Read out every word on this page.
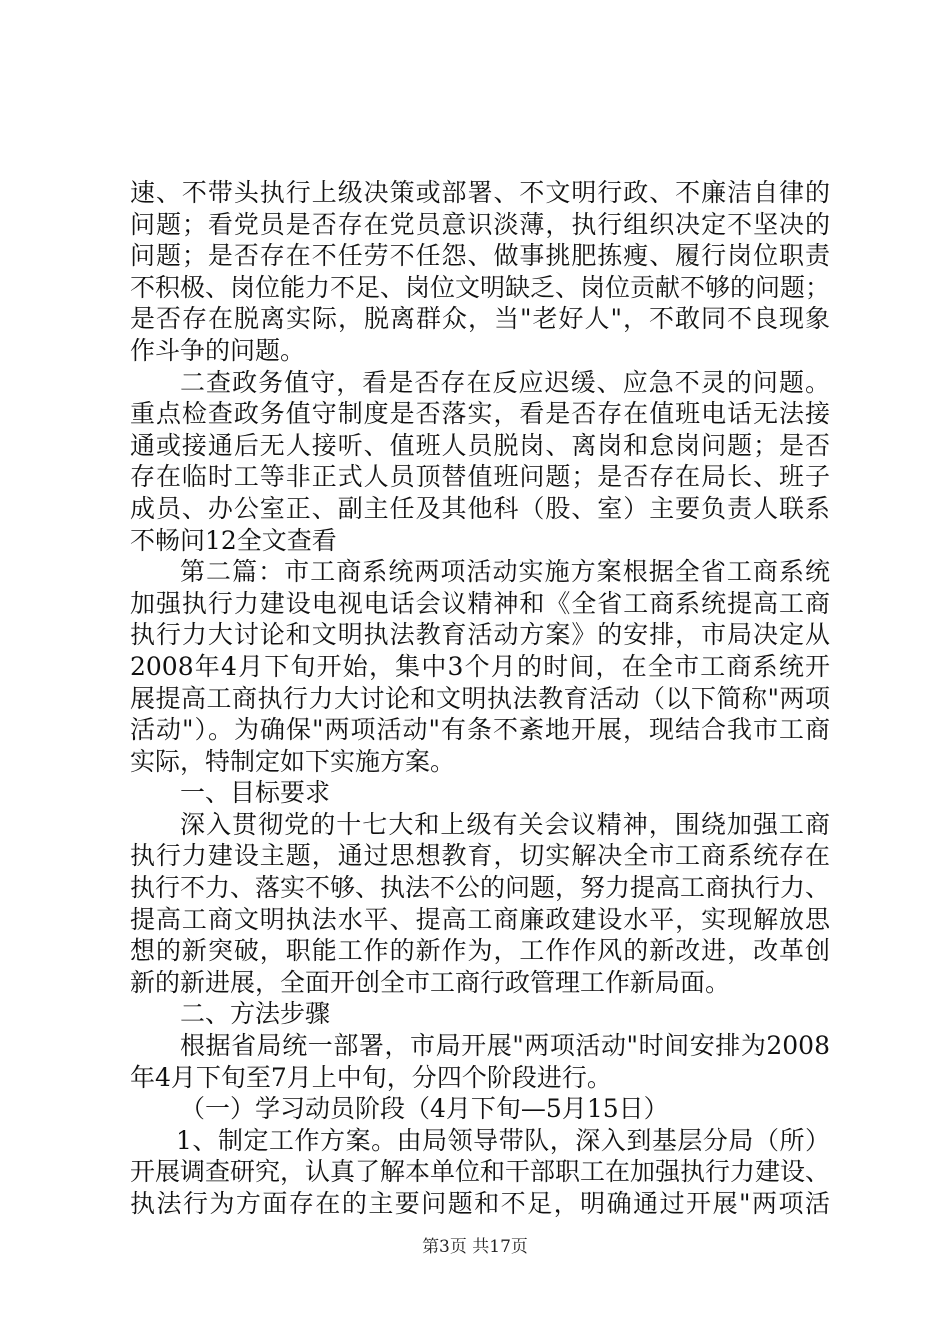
速、不带头执行上级决策或部署、不文明行政、不廉洁自律的
问题；看党员是否存在党员意识淡薄，执行组织决定不坚决的
问题；是否存在不任劳不任怨、做事挑肥拣瘦、履行岗位职责
不积极、岗位能力不足、岗位文明缺乏、岗位贡献不够的问题；
是否存在脱离实际，脱离群众，当"老好人"，不敢同不良现象
作斗争的问题。
二查政务值守，看是否存在反应迟缓、应急不灵的问题。
重点检查政务值守制度是否落实，看是否存在值班电话无法接
通或接通后无人接听、值班人员脱岗、离岗和怠岗问题；是否
存在临时工等非正式人员顶替值班问题；是否存在局长、班子
成员、办公室正、副主任及其他科（股、室）主要负责人联系
不畅问12全文查看
第二篇：市工商系统两项活动实施方案根据全省工商系统
加强执行力建设电视电话会议精神和《全省工商系统提高工商
执行力大讨论和文明执法教育活动方案》的安排，市局决定从
2008年4月下旬开始，集中3个月的时间，在全市工商系统开
展提高工商执行力大讨论和文明执法教育活动（以下简称"两项
活动"）。为确保"两项活动"有条不紊地开展，现结合我市工商
实际，特制定如下实施方案。
一、目标要求
深入贯彻党的十七大和上级有关会议精神，围绕加强工商
执行力建设主题，通过思想教育，切实解决全市工商系统存在
执行不力、落实不够、执法不公的问题，努力提高工商执行力、
提高工商文明执法水平、提高工商廉政建设水平，实现解放思
想的新突破，职能工作的新作为，工作作风的新改进，改革创
新的新进展，全面开创全市工商行政管理工作新局面。
二、方法步骤
根据省局统一部署，市局开展"两项活动"时间安排为2008
年4月下旬至7月上中旬，分四个阶段进行。
（一）学习动员阶段（4月下旬—5月15日）
1、制定工作方案。由局领导带队，深入到基层分局（所）
开展调查研究，认真了解本单位和干部职工在加强执行力建设、
执法行为方面存在的主要问题和不足，明确通过开展"两项活
第3页 共17页
